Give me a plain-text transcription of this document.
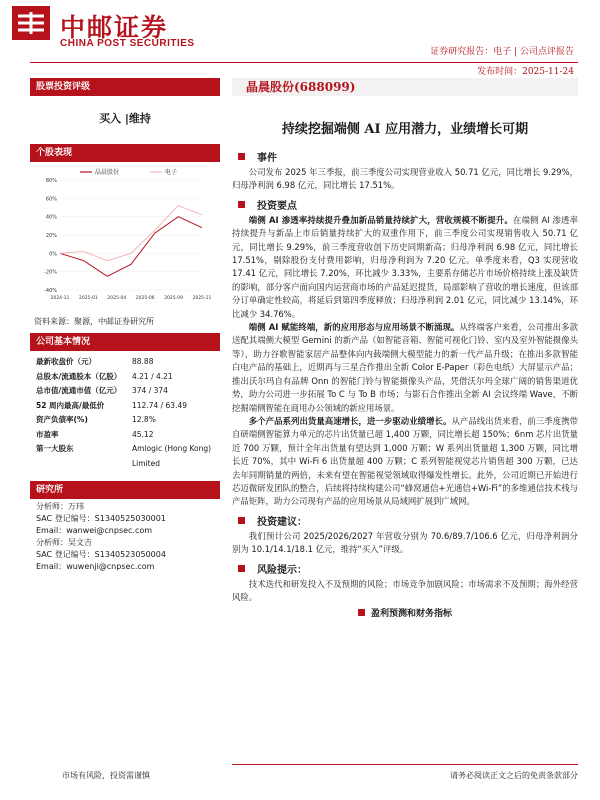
中邮证券
CHINA POST SECURITIES
证券研究报告：电子 | 公司点评报告
发布时间：2025-11-24
股票投资评级
买入 |维持
个股表现
80%
60%
40%
20%
0%
-20%
-40%
2024-11 2025-01 2025-04 2025-06 2025-09 2025-11
晶晨股份	电子
资料来源：聚源，中邮证券研究所
公司基本情况
最新收盘价（元）	88.88
总股本/流通股本（亿股）	4.21 / 4.21
总市值/流通市值（亿元）	374 / 374
52 周内最高/最低价	112.74 / 63.49
资产负债率(%)	12.8%
市盈率	45.12
第一大股东	Amlogic (Hong Kong) Limited
研究所
分析师：万玮
SAC 登记编号：S1340525030001
Email：wanwei@cnpsec.com
分析师：吴文吉
SAC 登记编号：S1340523050004
Email：wuwenji@cnpsec.com
市场有风险，投资需谨慎
晶晨股份(688099)
持续挖掘端侧 AI 应用潜力，业绩增长可期
事件
公司发布 2025 年三季报，前三季度公司实现营业收入 50.71 亿元，同比增长 9.29%，归母净利润 6.98 亿元，同比增长 17.51%。
投资要点
端侧 AI 渗透率持续提升叠加新品销量持续扩大，营收规模不断提升。在端侧 AI 渗透率持续提升与新品上市后销量持续扩大的双重作用下，前三季度公司实现销售收入 50.71 亿元，同比增长 9.29%，前三季度营收创下历史同期新高；归母净利润 6.98 亿元，同比增长 17.51%，剔除股份支付费用影响，归母净利润为 7.20 亿元。单季度来看，Q3 实现营收 17.41 亿元，同比增长 7.20%，环比减少 3.33%，主要系存储芯片市场价格持续上涨及缺货的影响，部分客户面向国内运营商市场的产品延迟提货，局部影响了营收的增长速度，但该部分订单确定性较高，将延后到第四季度释放；归母净利润 2.01 亿元，同比减少 13.14%，环比减少 34.76%。
端侧 AI 赋能终端，新的应用形态与应用场景不断涌现。从终端客户来看，公司推出多款送配其端侧大模型 Gemini 的新产品（如智能音箱、智能可视化门铃、室内及室外智能摄像头等），助力谷歌智能家居产品整体向内载端侧大模型能力的新一代产品升级；在推出多款智能白电产品的基础上，近期再与三星合作推出全新 Color E-Paper（彩色电纸）大屏显示产品；推出沃尔玛自有品牌 Onn 的智能门铃与智能摄像头产品，凭借沃尔玛全球广阔的销售渠道优势，助力公司进一步拓展 To C 与 To B 市场；与影石合作推出全新 AI 会议终端 Wave，不断挖掘端侧智能在商用办公领域的新应用场景。
多个产品系列出货量高速增长，进一步驱动业绩增长。从产品线出货来看，前三季度携带自研端侧智能算力单元的芯片出货量已超 1,400 万颗，同比增长超 150%；6nm 芯片出货量近 700 万颗，预计全年出货量有望达到 1,000 万颗；W 系列出货量超 1,300 万颗，同比增长近 70%，其中 Wi-Fi 6 出货量超 400 万颗；C 系列智能视觉芯片销售超 300 万颗，已达去年同期销量的两倍，未来有望在智能视觉领域取得爆发性增长。此外，公司近期已开始进行芯迈微研发团队的整合，后续将持续构建公司“蜂窝通信+光通信+Wi-Fi”的多维通信技术栈与产品矩阵，助力公司现有产品的应用场景从局域网扩展到广域网。
投资建议：
我们预计公司 2025/2026/2027 年营收分别为 70.6/89.7/106.6 亿元，归母净利润分别为 10.1/14.1/18.1 亿元，维持“买入”评级。
风险提示：
技术迭代和研发投入不及预期的风险；市场竞争加剧风险；市场需求不及预期；海外经营风险。
盈利预测和财务指标
请务必阅读正文之后的免责条款部分
